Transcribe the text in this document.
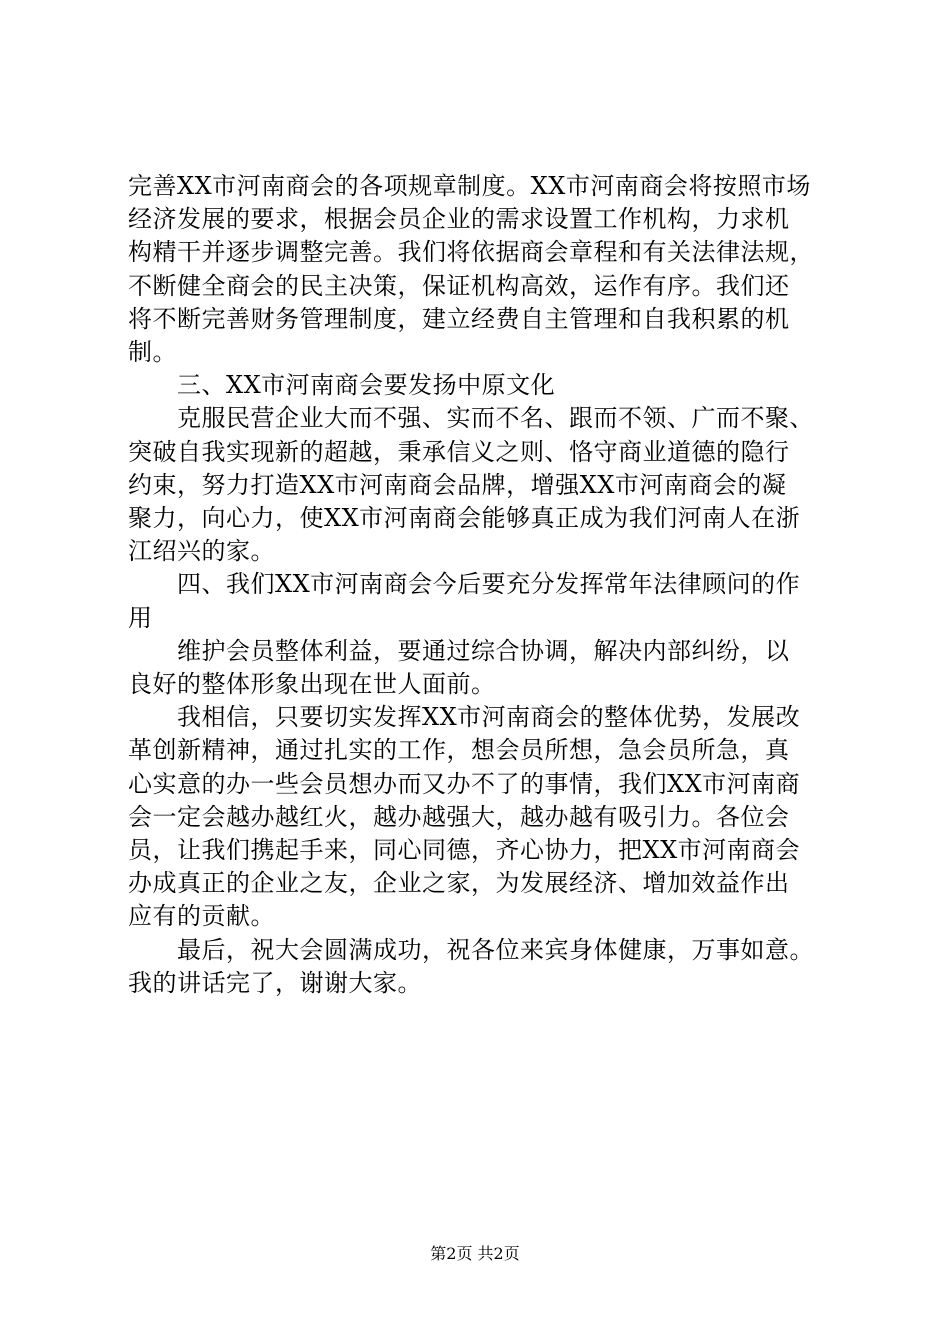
完善XX市河南商会的各项规章制度。XX市河南商会将按照市场
经济发展的要求，根据会员企业的需求设置工作机构，力求机
构精干并逐步调整完善。我们将依据商会章程和有关法律法规，
不断健全商会的民主决策，保证机构高效，运作有序。我们还
将不断完善财务管理制度，建立经费自主管理和自我积累的机
制。
　　三、XX市河南商会要发扬中原文化
　　克服民营企业大而不强、实而不名、跟而不领、广而不聚、
突破自我实现新的超越，秉承信义之则、恪守商业道德的隐行
约束，努力打造XX市河南商会品牌，增强XX市河南商会的凝
聚力，向心力，使XX市河南商会能够真正成为我们河南人在浙
江绍兴的家。
　　四、我们XX市河南商会今后要充分发挥常年法律顾问的作
用
　　维护会员整体利益，要通过综合协调，解决内部纠纷，以
良好的整体形象出现在世人面前。
　　我相信，只要切实发挥XX市河南商会的整体优势，发展改
革创新精神，通过扎实的工作，想会员所想，急会员所急，真
心实意的办一些会员想办而又办不了的事情，我们XX市河南商
会一定会越办越红火，越办越强大，越办越有吸引力。各位会
员，让我们携起手来，同心同德，齐心协力，把XX市河南商会
办成真正的企业之友，企业之家，为发展经济、增加效益作出
应有的贡献。
　　最后，祝大会圆满成功，祝各位来宾身体健康，万事如意。
我的讲话完了，谢谢大家。
第2页 共2页
